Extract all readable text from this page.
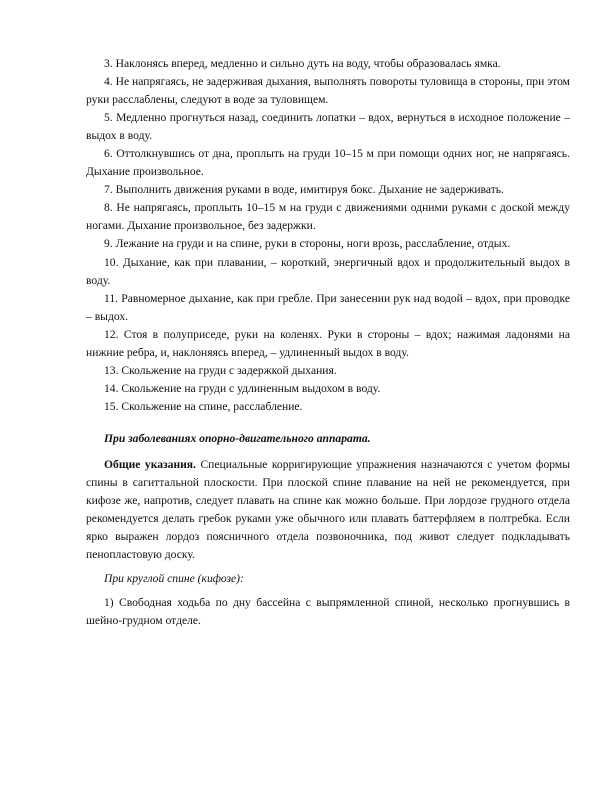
3. Наклонясь вперед, медленно и сильно дуть на воду, чтобы образовалась ямка.

4. Не напрягаясь, не задерживая дыхания, выполнять повороты туловища в стороны, при этом руки расслаблены, следуют в воде за туловищем.

5. Медленно прогнуться назад, соединить лопатки – вдох, вернуться в исходное положение – выдох в воду.

6. Оттолкнувшись от дна, проплыть на груди 10–15 м при помощи одних ног, не напрягаясь. Дыхание произвольное.

7. Выполнить движения руками в воде, имитируя бокс. Дыхание не задерживать.

8. Не напрягаясь, проплыть 10–15 м на груди с движениями одними руками с доской между ногами. Дыхание произвольное, без задержки.

9. Лежание на груди и на спине, руки в стороны, ноги врозь, расслабление, отдых.

10. Дыхание, как при плавании, – короткий, энергичный вдох и продолжительный выдох в воду.

11. Равномерное дыхание, как при гребле. При занесении рук над водой – вдох, при проводке – выдох.

12. Стоя в полуприседе, руки на коленях. Руки в стороны – вдох; нажимая ладонями на нижние ребра, и, наклоняясь вперед, – удлиненный выдох в воду.

13. Скольжение на груди с задержкой дыхания.

14. Скольжение на груди с удлиненным выдохом в воду.

15. Скольжение на спине, расслабление.

При заболеваниях опорно-двигательного аппарата.

Общие указания. Специальные корригирующие упражнения назначаются с учетом формы спины в сагиттальной плоскости. При плоской спине плавание на ней не рекомендуется, при кифозе же, напротив, следует плавать на спине как можно больше. При лордозе грудного отдела рекомендуется делать гребок руками уже обычного или плавать баттерфляем в полтребка. Если ярко выражен лордоз поясничного отдела позвоночника, под живот следует подкладывать пенопластовую доску.

При круглой спине (кифозе):

1) Свободная ходьба по дну бассейна с выпрямленной спиной, несколько прогнувшись в шейно-грудном отделе.
